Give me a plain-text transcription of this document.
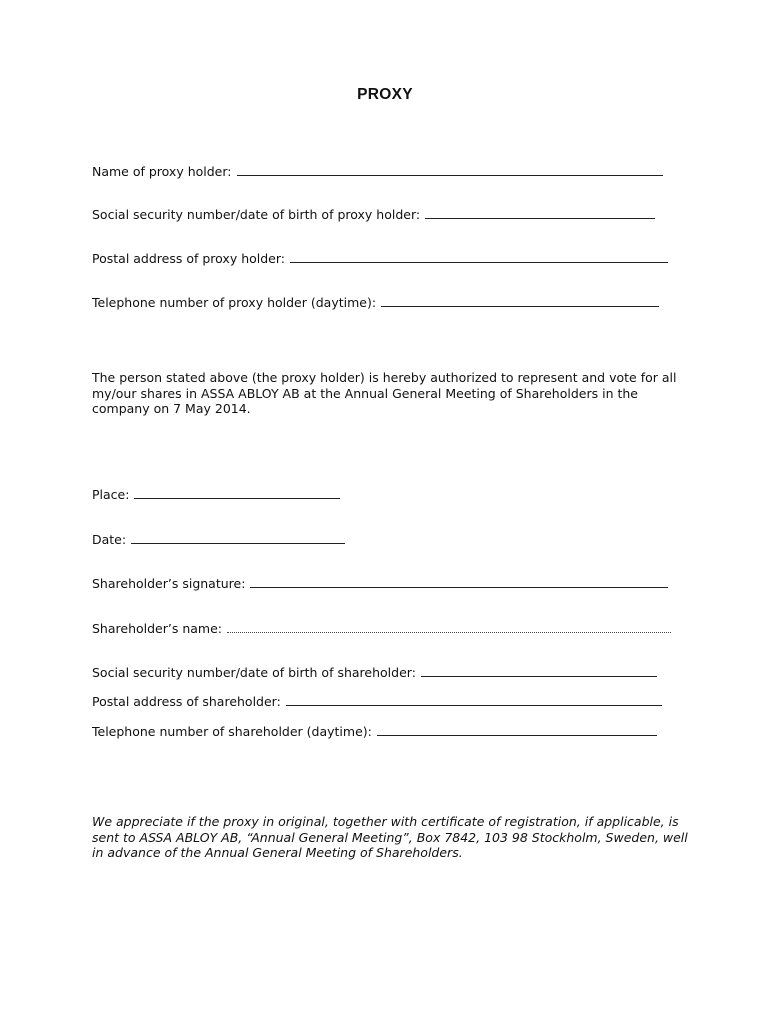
PROXY
Name of proxy holder:
Social security number/date of birth of proxy holder:
Postal address of proxy holder:
Telephone number of proxy holder (daytime):
The person stated above (the proxy holder) is hereby authorized to represent and vote for all my/our shares in ASSA ABLOY AB at the Annual General Meeting of Shareholders in the company on 7 May 2014.
Place:
Date:
Shareholder’s signature:
Shareholder’s name:
Social security number/date of birth of shareholder:
Postal address of shareholder:
Telephone number of shareholder (daytime):
We appreciate if the proxy in original, together with certificate of registration, if applicable, is sent to ASSA ABLOY AB, “Annual General Meeting”, Box 7842, 103 98 Stockholm, Sweden, well in advance of the Annual General Meeting of Shareholders.
